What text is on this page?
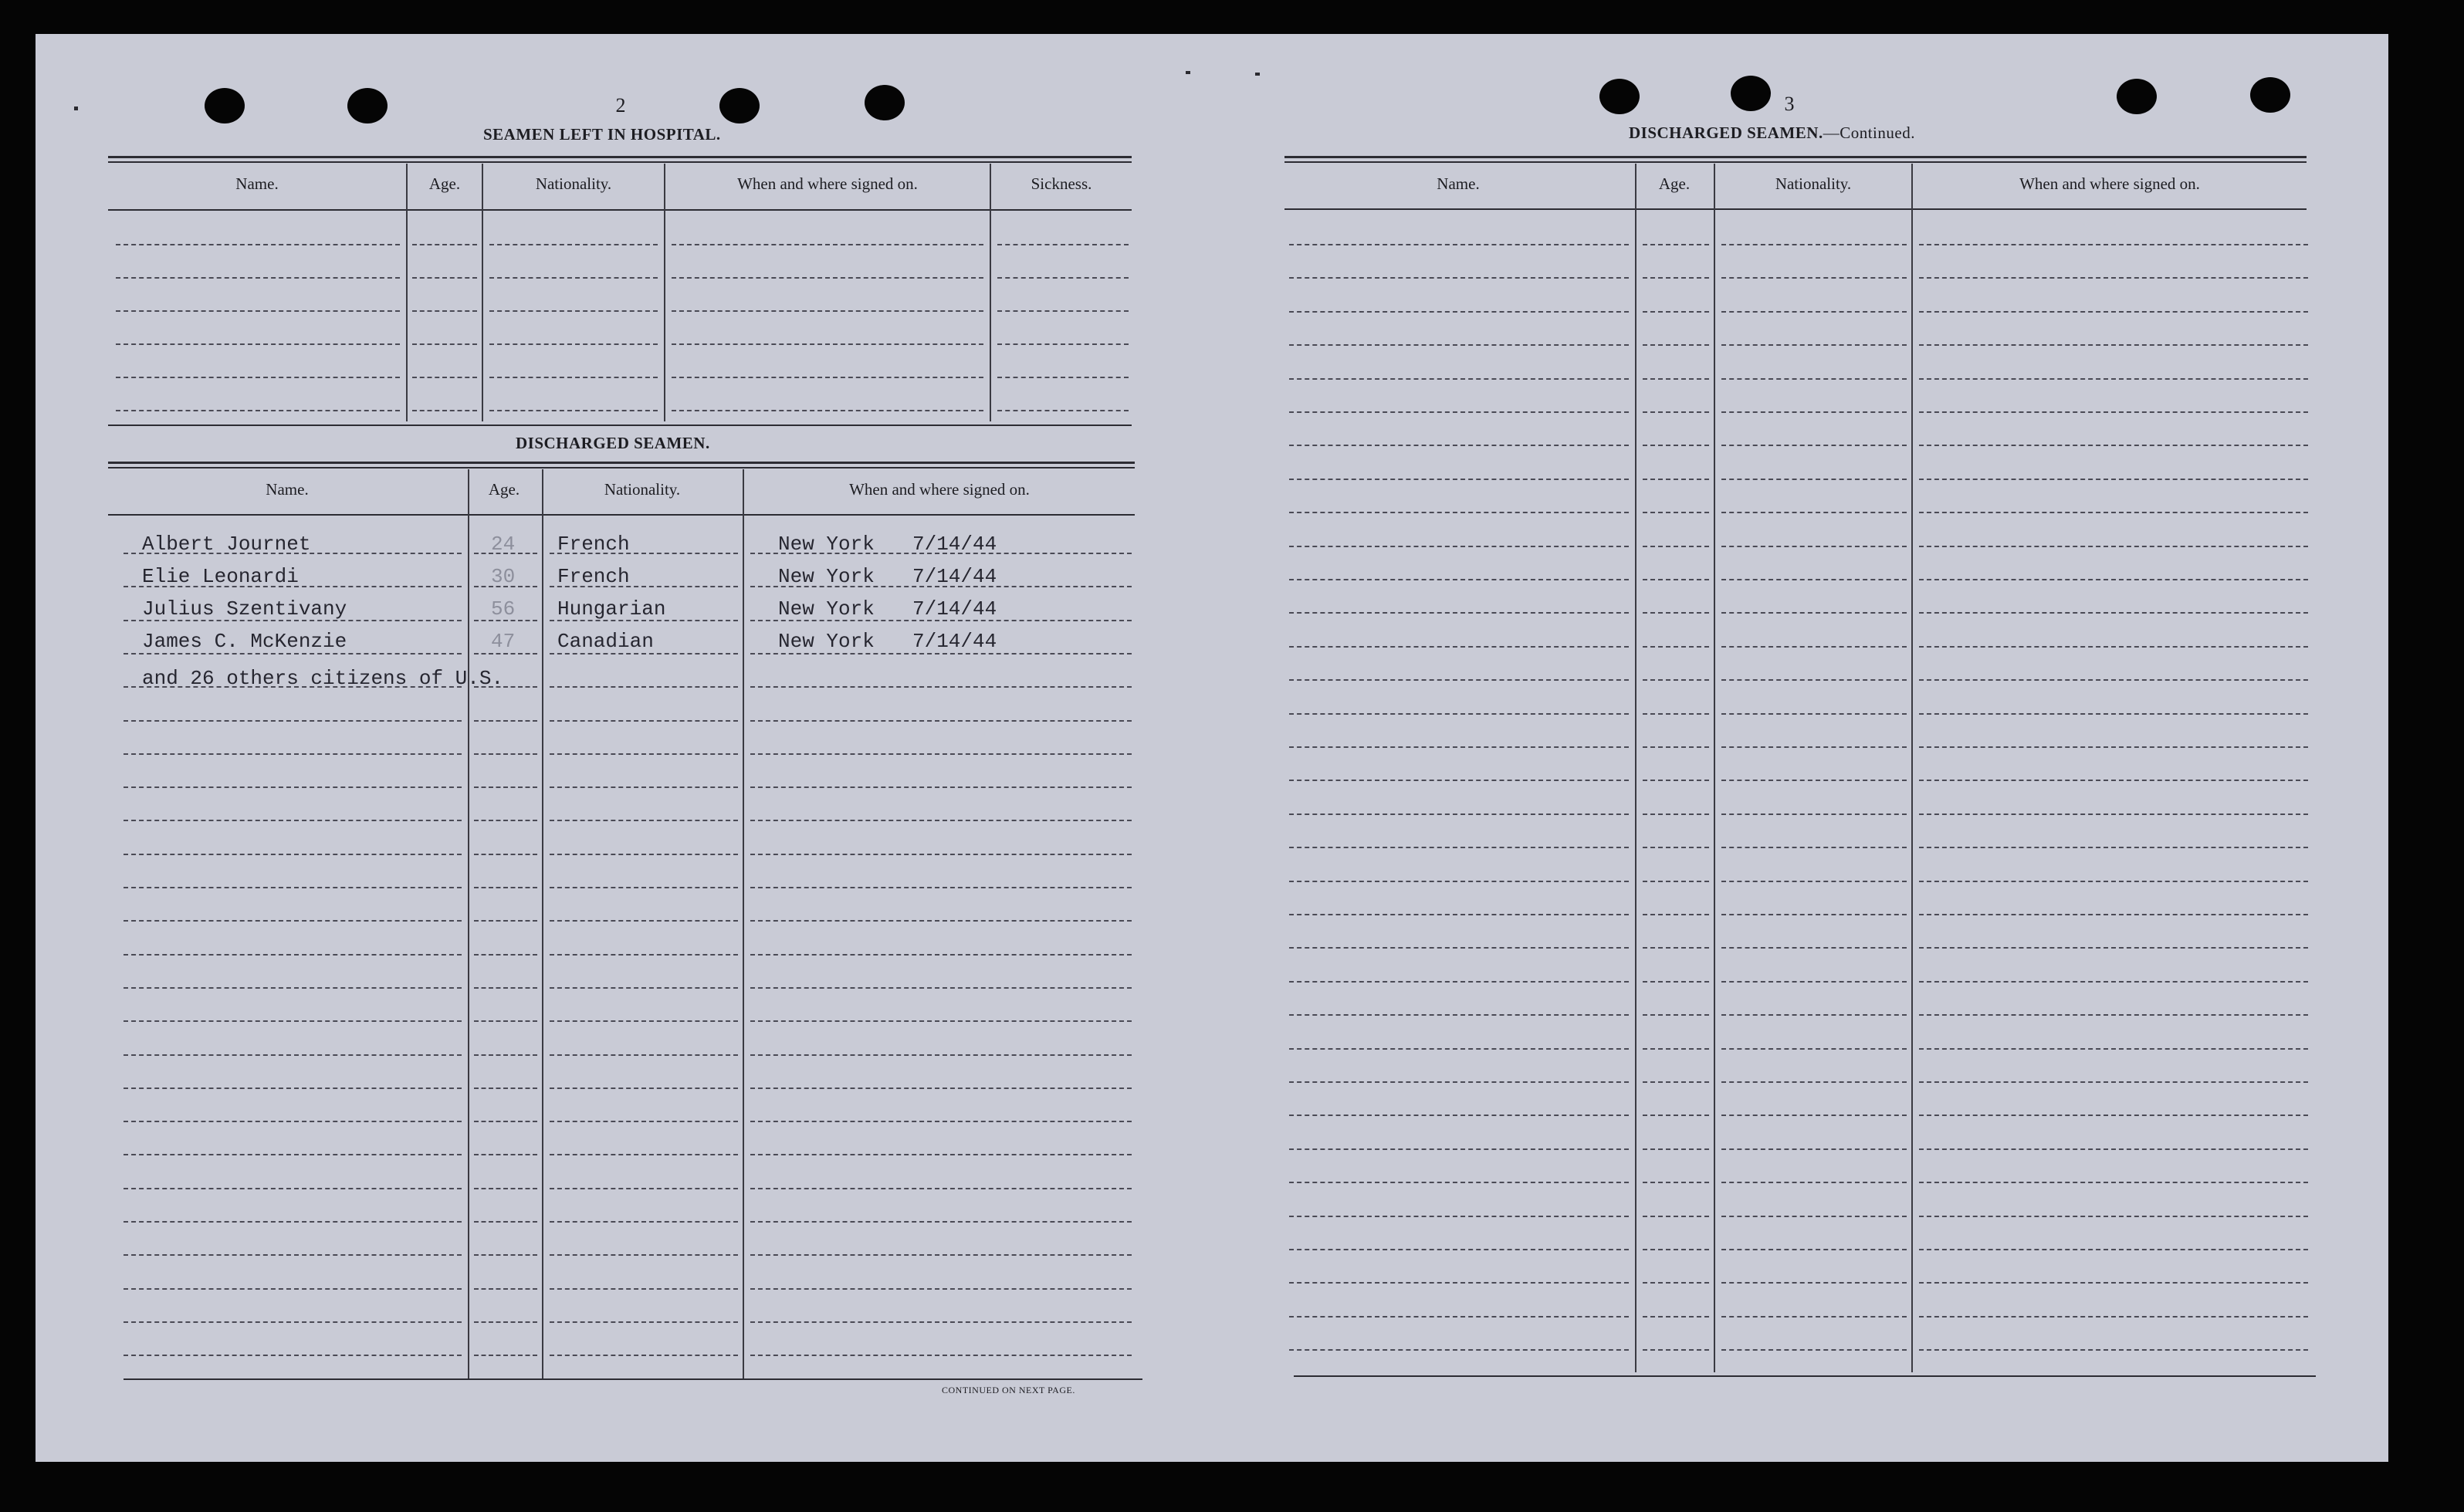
2
SEAMEN LEFT IN HOSPITAL.
Name.	Age.	Nationality.	When and where signed on.	Sickness.
DISCHARGED SEAMEN.
Name.	Age.	Nationality.	When and where signed on.
Albert Journet	24 French	New York 7/14/44
Elie Leonardi	30 French	New York 7/14/44
Julius Szentivany	56 Hungarian	New York 7/14/44
James C. McKenzie	47 Canadian	New York 7/14/44
and 26 others citizens of U.S.
CONTINUED ON NEXT PAGE.
3
DISCHARGED SEAMEN.—Continued.
Name.	Age.	Nationality.	When and where signed on.
